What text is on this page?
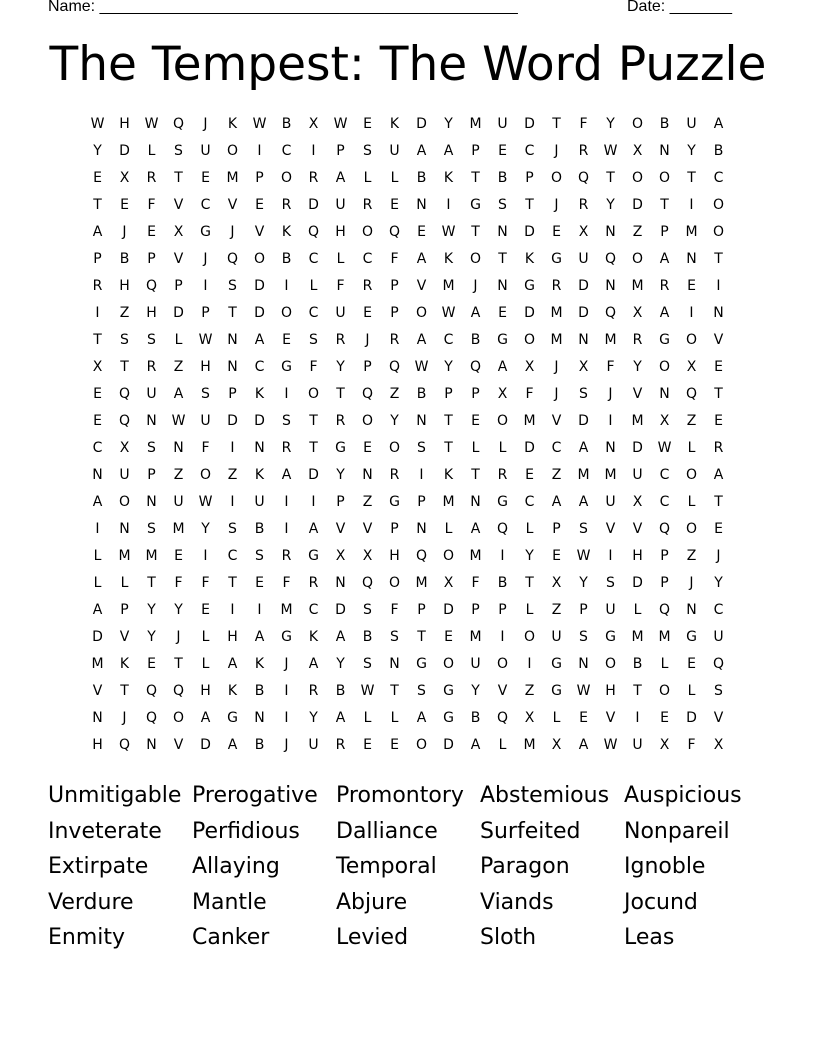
Name: _______________________________________________	Date: _______
The Tempest: The Word Puzzle
W	H	W	Q	J	K	W	B	X	W	E	K	D	Y	M	U	D	T	F	Y	O	B	U	A
Y	D	L	S	U	O	I	C	I	P	S	U	A	A	P	E	C	J	R	W	X	N	Y	B
E	X	R	T	E	M	P	O	R	A	L	L	B	K	T	B	P	O	Q	T	O	O	T	C
T	E	F	V	C	V	E	R	D	U	R	E	N	I	G	S	T	J	R	Y	D	T	I	O
A	J	E	X	G	J	V	K	Q	H	O	Q	E	W	T	N	D	E	X	N	Z	P	M	O
P	B	P	V	J	Q	O	B	C	L	C	F	A	K	O	T	K	G	U	Q	O	A	N	T
R	H	Q	P	I	S	D	I	L	F	R	P	V	M	J	N	G	R	D	N	M	R	E	I
I	Z	H	D	P	T	D	O	C	U	E	P	O	W	A	E	D	M	D	Q	X	A	I	N
T	S	S	L	W	N	A	E	S	R	J	R	A	C	B	G	O	M	N	M	R	G	O	V
X	T	R	Z	H	N	C	G	F	Y	P	Q	W	Y	Q	A	X	J	X	F	Y	O	X	E
E	Q	U	A	S	P	K	I	O	T	Q	Z	B	P	P	X	F	J	S	J	V	N	Q	T
E	Q	N	W	U	D	D	S	T	R	O	Y	N	T	E	O	M	V	D	I	M	X	Z	E
C	X	S	N	F	I	N	R	T	G	E	O	S	T	L	L	D	C	A	N	D	W	L	R
N	U	P	Z	O	Z	K	A	D	Y	N	R	I	K	T	R	E	Z	M	M	U	C	O	A
A	O	N	U	W	I	U	I	I	P	Z	G	P	M	N	G	C	A	A	U	X	C	L	T
I	N	S	M	Y	S	B	I	A	V	V	P	N	L	A	Q	L	P	S	V	V	Q	O	E
L	M	M	E	I	C	S	R	G	X	X	H	Q	O	M	I	Y	E	W	I	H	P	Z	J
L	L	T	F	F	T	E	F	R	N	Q	O	M	X	F	B	T	X	Y	S	D	P	J	Y
A	P	Y	Y	E	I	I	M	C	D	S	F	P	D	P	P	L	Z	P	U	L	Q	N	C
D	V	Y	J	L	H	A	G	K	A	B	S	T	E	M	I	O	U	S	G	M	M	G	U
M	K	E	T	L	A	K	J	A	Y	S	N	G	O	U	O	I	G	N	O	B	L	E	Q
V	T	Q	Q	H	K	B	I	R	B	W	T	S	G	Y	V	Z	G	W	H	T	O	L	S
N	J	Q	O	A	G	N	I	Y	A	L	L	A	G	B	Q	X	L	E	V	I	E	D	V
H	Q	N	V	D	A	B	J	U	R	E	E	O	D	A	L	M	X	A	W	U	X	F	X
Unmitigable Prerogative Promontory Abstemious Auspicious
Inveterate	Perfidious	Dalliance	Surfeited	Nonpareil
Extirpate	Allaying	Temporal	Paragon	Ignoble
Verdure	Mantle	Abjure	Viands	Jocund
Enmity	Canker	Levied	Sloth	Leas
